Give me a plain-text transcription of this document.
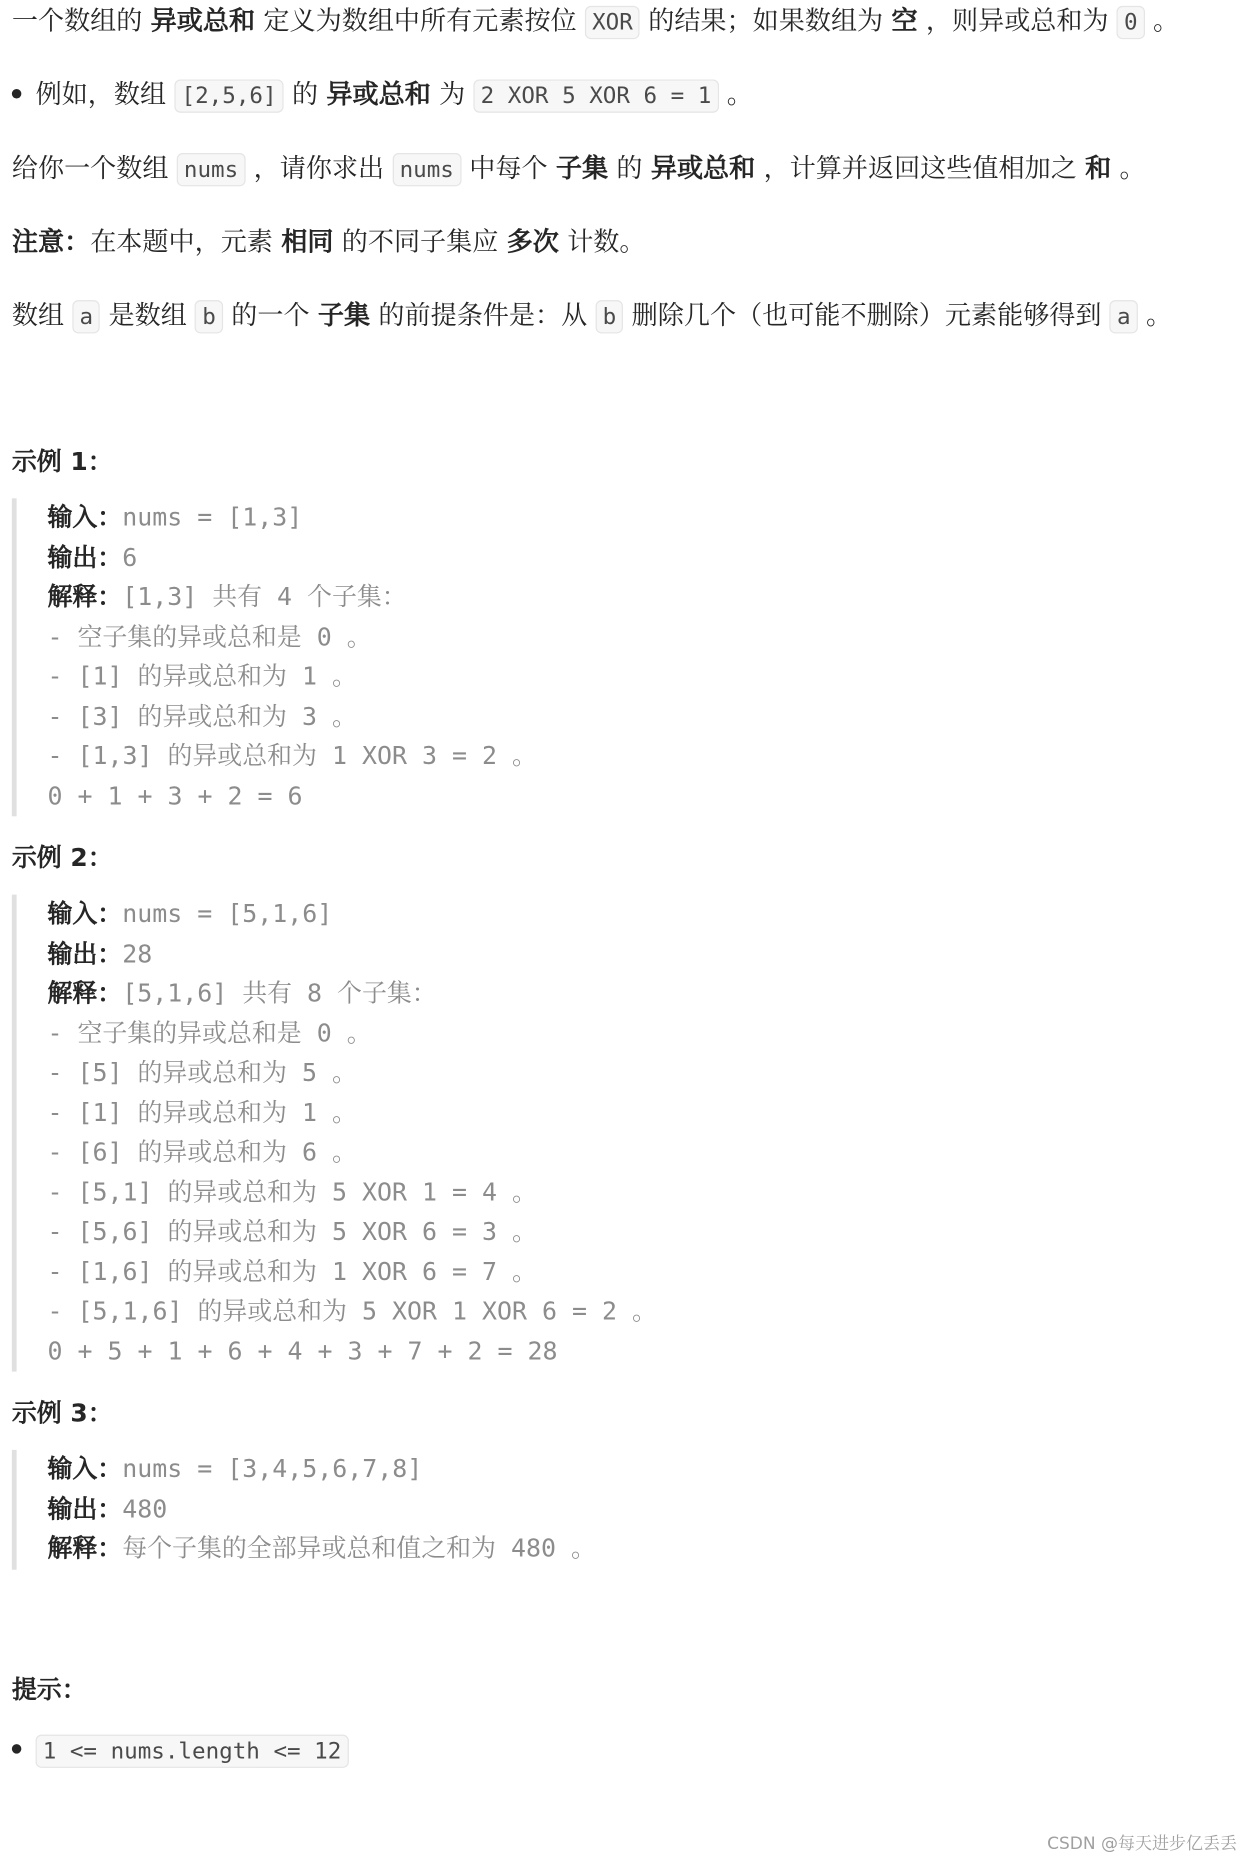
一个数组的 异或总和 定义为数组中所有元素按位 XOR 的结果；如果数组为 空 ，则异或总和为 0 。

例如，数组 [2,5,6] 的 异或总和 为 2 XOR 5 XOR 6 = 1 。

给你一个数组 nums ，请你求出 nums 中每个 子集 的 异或总和 ，计算并返回这些值相加之 和 。

注意：在本题中，元素 相同 的不同子集应 多次 计数。

数组 a 是数组 b 的一个 子集 的前提条件是：从 b 删除几个（也可能不删除）元素能够得到 a 。

示例 1：
输入：nums = [1,3]
输出：6
解释：[1,3] 共有 4 个子集：
- 空子集的异或总和是 0 。
- [1] 的异或总和为 1 。
- [3] 的异或总和为 3 。
- [1,3] 的异或总和为 1 XOR 3 = 2 。
0 + 1 + 3 + 2 = 6
示例 2：
输入：nums = [5,1,6]
输出：28
解释：[5,1,6] 共有 8 个子集：
- 空子集的异或总和是 0 。
- [5] 的异或总和为 5 。
- [1] 的异或总和为 1 。
- [6] 的异或总和为 6 。
- [5,1] 的异或总和为 5 XOR 1 = 4 。
- [5,6] 的异或总和为 5 XOR 6 = 3 。
- [1,6] 的异或总和为 1 XOR 6 = 7 。
- [5,1,6] 的异或总和为 5 XOR 1 XOR 6 = 2 。
0 + 5 + 1 + 6 + 4 + 3 + 7 + 2 = 28
示例 3：
输入：nums = [3,4,5,6,7,8]
输出：480
解释：每个子集的全部异或总和值之和为 480 。
提示：

1 <= nums.length <= 12

CSDN @每天进步亿丢丢
